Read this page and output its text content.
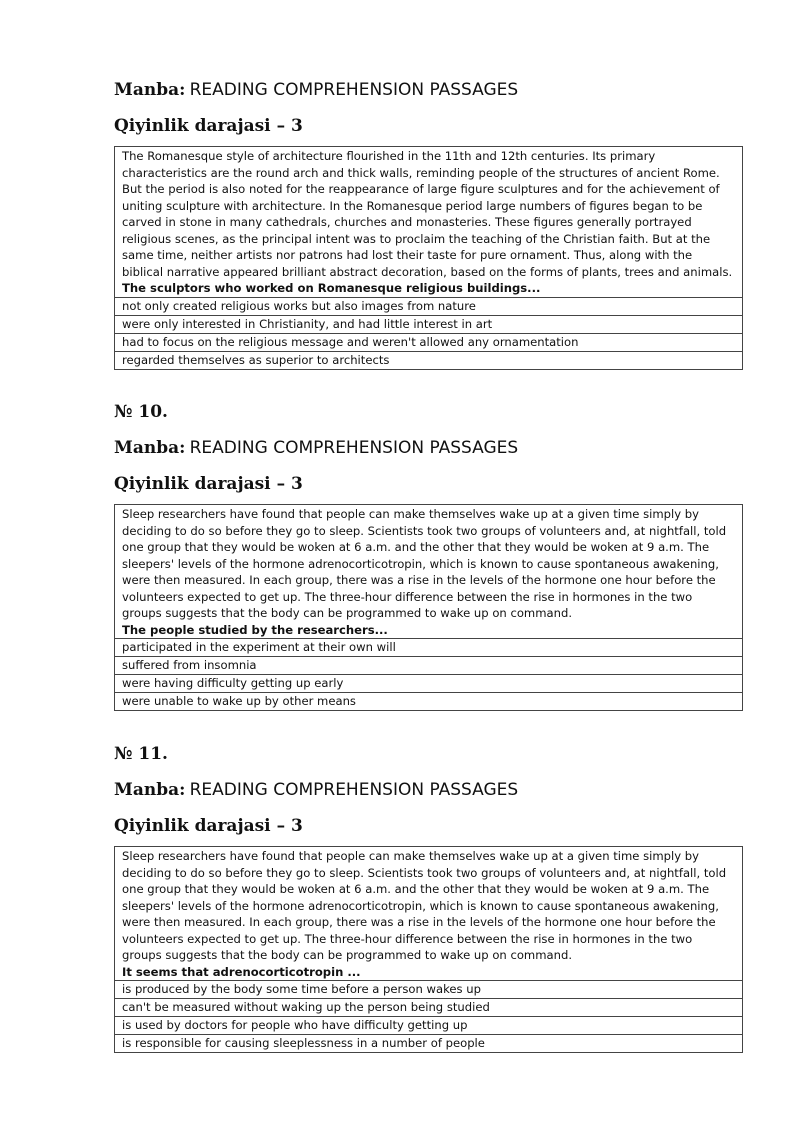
Manba: READING COMPREHENSION PASSAGES

Qiyinlik darajasi – 3

The Romanesque style of architecture flourished in the 11th and 12th centuries. Its primary characteristics are the round arch and thick walls, reminding people of the structures of ancient Rome. But the period is also noted for the reappearance of large figure sculptures and for the achievement of uniting sculpture with architecture. In the Romanesque period large numbers of figures began to be carved in stone in many cathedrals, churches and monasteries. These figures generally portrayed religious scenes, as the principal intent was to proclaim the teaching of the Christian faith. But at the same time, neither artists nor patrons had lost their taste for pure ornament. Thus, along with the biblical narrative appeared brilliant abstract decoration, based on the forms of plants, trees and animals.
The sculptors who worked on Romanesque religious buildings...
not only created religious works but also images from nature
were only interested in Christianity, and had little interest in art
had to focus on the religious message and weren't allowed any ornamentation
regarded themselves as superior to architects

№ 10.

Manba: READING COMPREHENSION PASSAGES

Qiyinlik darajasi – 3

Sleep researchers have found that people can make themselves wake up at a given time simply by deciding to do so before they go to sleep. Scientists took two groups of volunteers and, at nightfall, told one group that they would be woken at 6 a.m. and the other that they would be woken at 9 a.m. The sleepers' levels of the hormone adrenocorticotropin, which is known to cause spontaneous awakening, were then measured. In each group, there was a rise in the levels of the hormone one hour before the volunteers expected to get up. The three-hour difference between the rise in hormones in the two groups suggests that the body can be programmed to wake up on command.
The people studied by the researchers...
participated in the experiment at their own will
suffered from insomnia
were having difficulty getting up early
were unable to wake up by other means

№ 11.

Manba: READING COMPREHENSION PASSAGES

Qiyinlik darajasi – 3

Sleep researchers have found that people can make themselves wake up at a given time simply by deciding to do so before they go to sleep. Scientists took two groups of volunteers and, at nightfall, told one group that they would be woken at 6 a.m. and the other that they would be woken at 9 a.m. The sleepers' levels of the hormone adrenocorticotropin, which is known to cause spontaneous awakening, were then measured. In each group, there was a rise in the levels of the hormone one hour before the volunteers expected to get up. The three-hour difference between the rise in hormones in the two groups suggests that the body can be programmed to wake up on command.
It seems that adrenocorticotropin ...
is produced by the body some time before a person wakes up
can't be measured without waking up the person being studied
is used by doctors for people who have difficulty getting up
is responsible for causing sleeplessness in a number of people
